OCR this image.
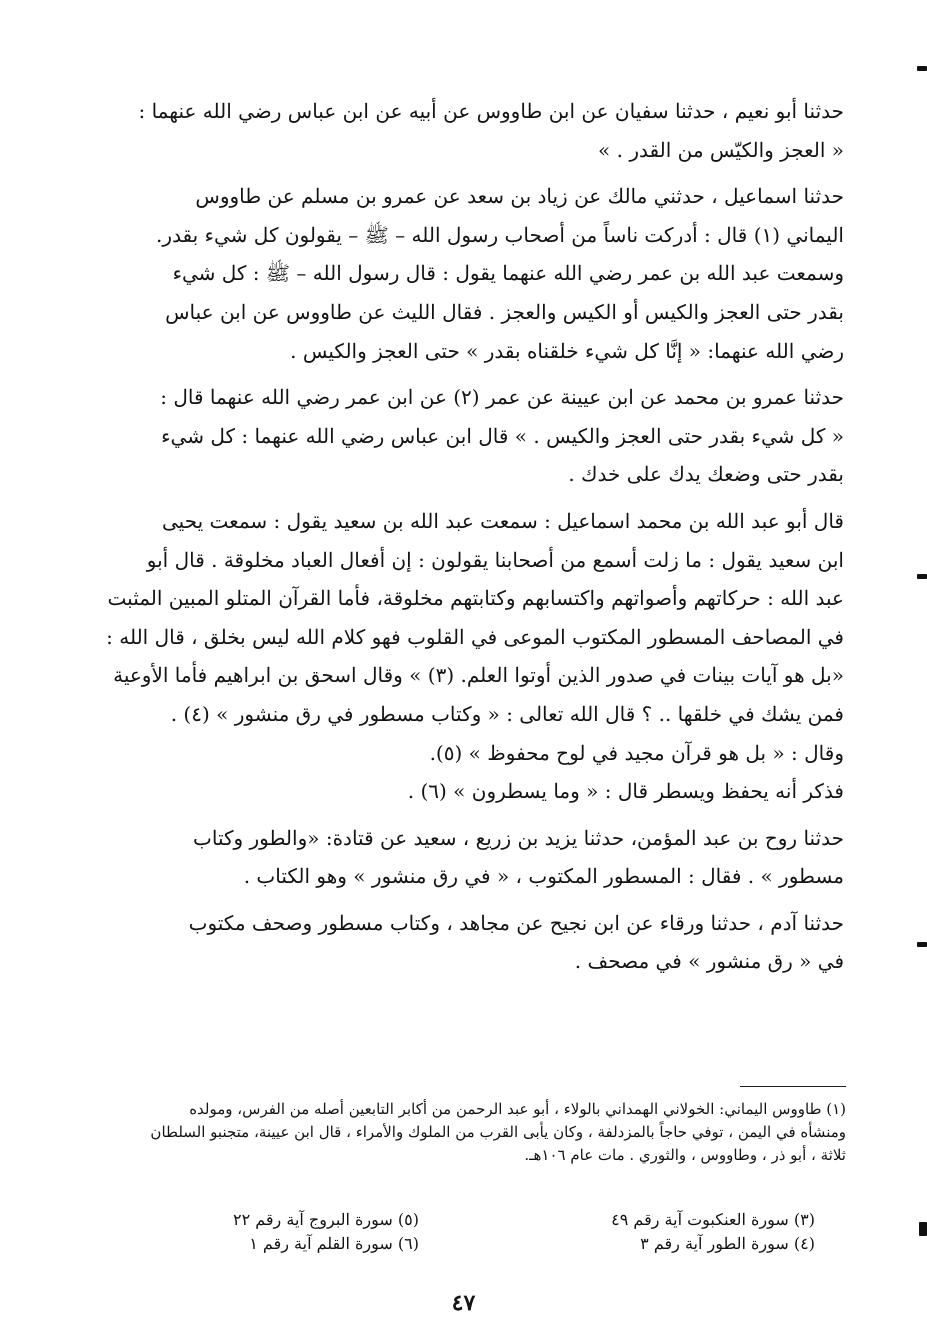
حدثنا أبو نعيم ، حدثنا سفيان عن ابن طاووس عن أبيه عن ابن عباس رضي الله عنهما :
« العجز والكيّس من القدر . »
حدثنا اسماعيل ، حدثني مالك عن زياد بن سعد عن عمرو بن مسلم عن طاووس
اليماني (١) قال : أدركت ناساً من أصحاب رسول الله – ﷺ – يقولون كل شيء بقدر.
وسمعت عبد الله بن عمر رضي الله عنهما يقول : قال رسول الله – ﷺ : كل شيء
بقدر حتى العجز والكيس أو الكيس والعجز . فقال الليث عن طاووس عن ابن عباس
رضي الله عنهما: « إنَّا كل شيء خلقناه بقدر » حتى العجز والكيس .
حدثنا عمرو بن محمد عن ابن عيينة عن عمر (٢) عن ابن عمر رضي الله عنهما قال :
« كل شيء بقدر حتى العجز والكيس . » قال ابن عباس رضي الله عنهما : كل شيء
بقدر حتى وضعك يدك على خدك .
قال أبو عبد الله بن محمد اسماعيل : سمعت عبد الله بن سعيد يقول : سمعت يحيى
ابن سعيد يقول : ما زلت أسمع من أصحابنا يقولون : إن أفعال العباد مخلوقة . قال أبو
عبد الله : حركاتهم وأصواتهم واكتسابهم وكتابتهم مخلوقة، فأما القرآن المتلو المبين المثبت
في المصاحف المسطور المكتوب الموعى في القلوب فهو كلام الله ليس بخلق ، قال الله :
«بل هو آيات بينات في صدور الذين أوتوا العلم. (٣) » وقال اسحق بن ابراهيم فأما الأوعية
فمن يشك في خلقها .. ؟ قال الله تعالى : « وكتاب مسطور في رق منشور » (٤) .
وقال : « بل هو قرآن مجيد في لوح محفوظ » (٥).
فذكر أنه يحفظ ويسطر قال : « وما يسطرون » (٦) .
حدثنا روح بن عبد المؤمن، حدثنا يزيد بن زريع ، سعيد عن قتادة: «والطور وكتاب
مسطور » . فقال : المسطور المكتوب ، « في رق منشور » وهو الكتاب .
حدثنا آدم ، حدثنا ورقاء عن ابن نجيح عن مجاهد ، وكتاب مسطور وصحف مكتوب
في « رق منشور » في مصحف .
(١) طاووس اليماني: الخولاني الهمداني بالولاء ، أبو عبد الرحمن من أكابر التابعين أصله من الفرس، ومولده
ومنشأه في اليمن ، توفي حاجاً بالمزدلفة ، وكان يأبى القرب من الملوك والأمراء ، قال ابن عيينة، متجنبو السلطان
ثلاثة ، أبو ذر ، وطاووس ، والثوري . مات عام ١٠٦هـ.
(٣) سورة العنكبوت آية رقم ٤٩
(٤) سورة الطور آية رقم ٣
(٥) سورة البروج آية رقم ٢٢
(٦) سورة القلم آية رقم ١
٤٧
